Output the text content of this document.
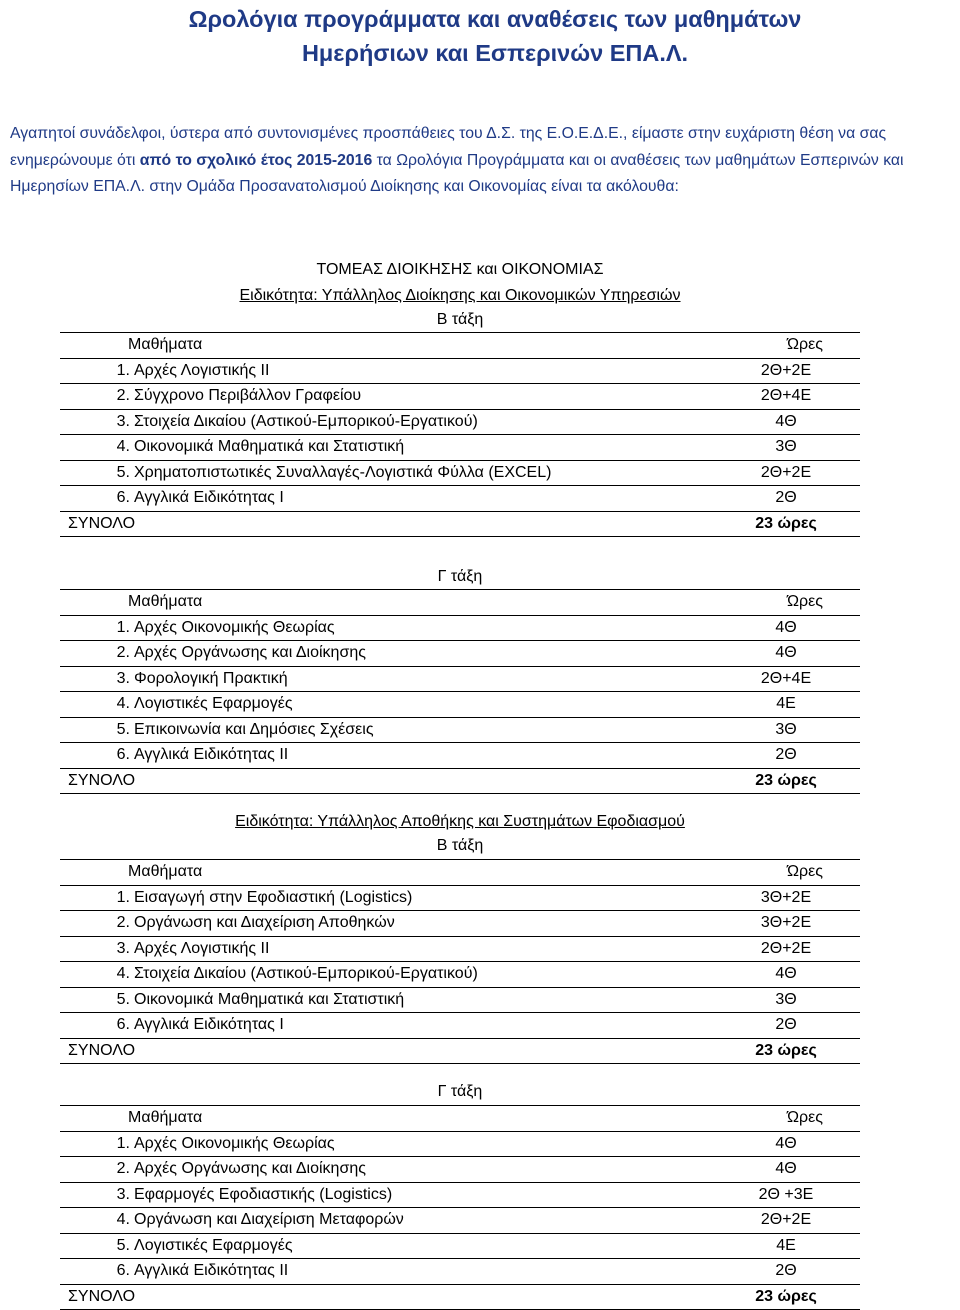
Ωρολόγια προγράμματα και αναθέσεις των μαθημάτων
Ημερήσιων και Εσπερινών ΕΠΑ.Λ.
Αγαπητοί συνάδελφοι, ύστερα από συντονισμένες προσπάθειες του Δ.Σ. της Ε.Ο.Ε.Δ.Ε., είμαστε στην ευχάριστη θέση να σας ενημερώνουμε ότι από το σχολικό έτος 2015-2016 τα Ωρολόγια Προγράμματα και οι αναθέσεις των μαθημάτων Εσπερινών και Ημερησίων ΕΠΑ.Λ. στην Ομάδα Προσανατολισμού Διοίκησης και Οικονομίας είναι τα ακόλουθα:
ΤΟΜΕΑΣ ΔΙΟΙΚΗΣΗΣ και ΟΙΚΟΝΟΜΙΑΣ
Ειδικότητα: Υπάλληλος Διοίκησης και Οικονομικών Υπηρεσιών
Β τάξη
Μαθήματα		Ώρες
1.	Αρχές Λογιστικής ΙΙ	2Θ+2Ε
2.	Σύγχρονο Περιβάλλον Γραφείου	2Θ+4Ε
3.	Στοιχεία Δικαίου (Αστικού-Εμπορικού-Εργατικού)	4Θ
4.	Οικονομικά Μαθηματικά και Στατιστική	3Θ
5.	Χρηματοπιστωτικές Συναλλαγές-Λογιστικά Φύλλα (EXCEL)	2Θ+2Ε
6.	Αγγλικά Ειδικότητας Ι	2Θ
ΣΥΝΟΛΟ		23 ώρες
Γ τάξη
Μαθήματα		Ώρες
1.	Αρχές Οικονομικής Θεωρίας	4Θ
2.	Αρχές Οργάνωσης και Διοίκησης	4Θ
3.	Φορολογική Πρακτική	2Θ+4Ε
4.	Λογιστικές Εφαρμογές	4Ε
5.	Επικοινωνία και Δημόσιες Σχέσεις	3Θ
6.	Αγγλικά Ειδικότητας ΙΙ	2Θ
ΣΥΝΟΛΟ		23 ώρες
Ειδικότητα: Υπάλληλος Αποθήκης και Συστημάτων Εφοδιασμού
Β τάξη
Μαθήματα		Ώρες
1.	Εισαγωγή στην Εφοδιαστική (Logistics)	3Θ+2Ε
2.	Οργάνωση και Διαχείριση Αποθηκών	3Θ+2Ε
3.	Αρχές Λογιστικής ΙΙ	2Θ+2Ε
4.	Στοιχεία Δικαίου (Αστικού-Εμπορικού-Εργατικού)	4Θ
5.	Οικονομικά Μαθηματικά και Στατιστική	3Θ
6.	Αγγλικά Ειδικότητας Ι	2Θ
ΣΥΝΟΛΟ		23 ώρες
Γ τάξη
Μαθήματα		Ώρες
1.	Αρχές Οικονομικής Θεωρίας	4Θ
2.	Αρχές Οργάνωσης και Διοίκησης	4Θ
3.	Εφαρμογές Εφοδιαστικής (Logistics)	2Θ +3Ε
4.	Οργάνωση και Διαχείριση Μεταφορών	2Θ+2Ε
5.	Λογιστικές Εφαρμογές	4Ε
6.	Αγγλικά Ειδικότητας ΙΙ	2Θ
ΣΥΝΟΛΟ		23 ώρες
